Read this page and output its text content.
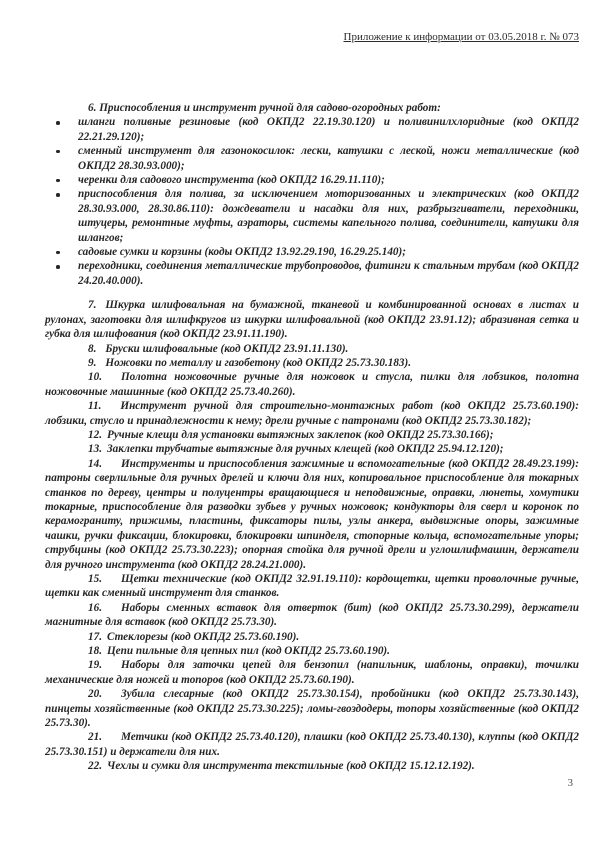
Приложение к информации от 03.05.2018 г. № 073

6. Приспособления и инструмент ручной для садово-огородных работ:

шланги поливные резиновые (код ОКПД2 22.19.30.120) и поливинилхлоридные (код ОКПД2 22.21.29.120);
сменный инструмент для газонокосилок: лески, катушки с леской, ножи металлические (код ОКПД2 28.30.93.000);
черенки для садового инструмента (код ОКПД2 16.29.11.110);
приспособления для полива, за исключением моторизованных и электрических (код ОКПД2 28.30.93.000, 28.30.86.110): дождеватели и насадки для них, разбрызгиватели, переходники, штуцеры, ремонтные муфты, аэраторы, системы капельного полива, соединители, катушки для шлангов;
садовые сумки и корзины (коды ОКПД2 13.92.29.190, 16.29.25.140);
переходники, соединения металлические трубопроводов, фитинги к стальным трубам (код ОКПД2 24.20.40.000).

7. Шкурка шлифовальная на бумажной, тканевой и комбинированной основах в листах и рулонах, заготовки для шлифкругов из шкурки шлифовальной (код ОКПД2 23.91.12); абразивная сетка и губка для шлифования (код ОКПД2 23.91.11.190).

8. Бруски шлифовальные (код ОКПД2 23.91.11.130).

9. Ножовки по металлу и газобетону (код ОКПД2 25.73.30.183).

10. Полотна ножовочные ручные для ножовок и стусла, пилки для лобзиков, полотна ножовочные машинные (код ОКПД2 25.73.40.260).

11. Инструмент ручной для строительно-монтажных работ (код ОКПД2 25.73.60.190): лобзики, стусло и принадлежности к нему; дрели ручные с патронами (код ОКПД2 25.73.30.182);

12. Ручные клещи для установки вытяжных заклепок (код ОКПД2 25.73.30.166);

13. Заклепки трубчатые вытяжные для ручных клещей (код ОКПД2 25.94.12.120);

14. Инструменты и приспособления зажимные и вспомогательные (код ОКПД2 28.49.23.199): патроны сверлильные для ручных дрелей и ключи для них, копировальное приспособление для токарных станков по дереву, центры и полуцентры вращающиеся и неподвижные, оправки, люнеты, хомутики токарные, приспособление для разводки зубьев у ручных ножовок; кондукторы для сверл и коронок по керамограниту, прижимы, пластины, фиксаторы пилы, узлы анкера, выдвижные опоры, зажимные чашки, ручки фиксации, блокировки, блокировки шпинделя, стопорные кольца, вспомогательные упоры; струбцины (код ОКПД2 25.73.30.223); опорная стойка для ручной дрели и углошлифмашин, держатели для ручного инструмента (код ОКПД2 28.24.21.000).

15. Щетки технические (код ОКПД2 32.91.19.110): кордощетки, щетки проволочные ручные, щетки как сменный инструмент для станков.

16. Наборы сменных вставок для отверток (бит) (код ОКПД2 25.73.30.299), держатели магнитные для вставок (код ОКПД2 25.73.30).

17. Стеклорезы (код ОКПД2 25.73.60.190).

18. Цепи пильные для цепных пил (код ОКПД2 25.73.60.190).

19. Наборы для заточки цепей для бензопил (напильник, шаблоны, оправки), точилки механические для ножей и топоров (код ОКПД2 25.73.60.190).

20. Зубила слесарные (код ОКПД2 25.73.30.154), пробойники (код ОКПД2 25.73.30.143), пинцеты хозяйственные (код ОКПД2 25.73.30.225); ломы-гвоздодеры, топоры хозяйственные (код ОКПД2 25.73.30).

21. Метчики (код ОКПД2 25.73.40.120), плашки (код ОКПД2 25.73.40.130), клуппы (код ОКПД2 25.73.30.151) и держатели для них.

22. Чехлы и сумки для инструмента текстильные (код ОКПД2 15.12.12.192).

3
